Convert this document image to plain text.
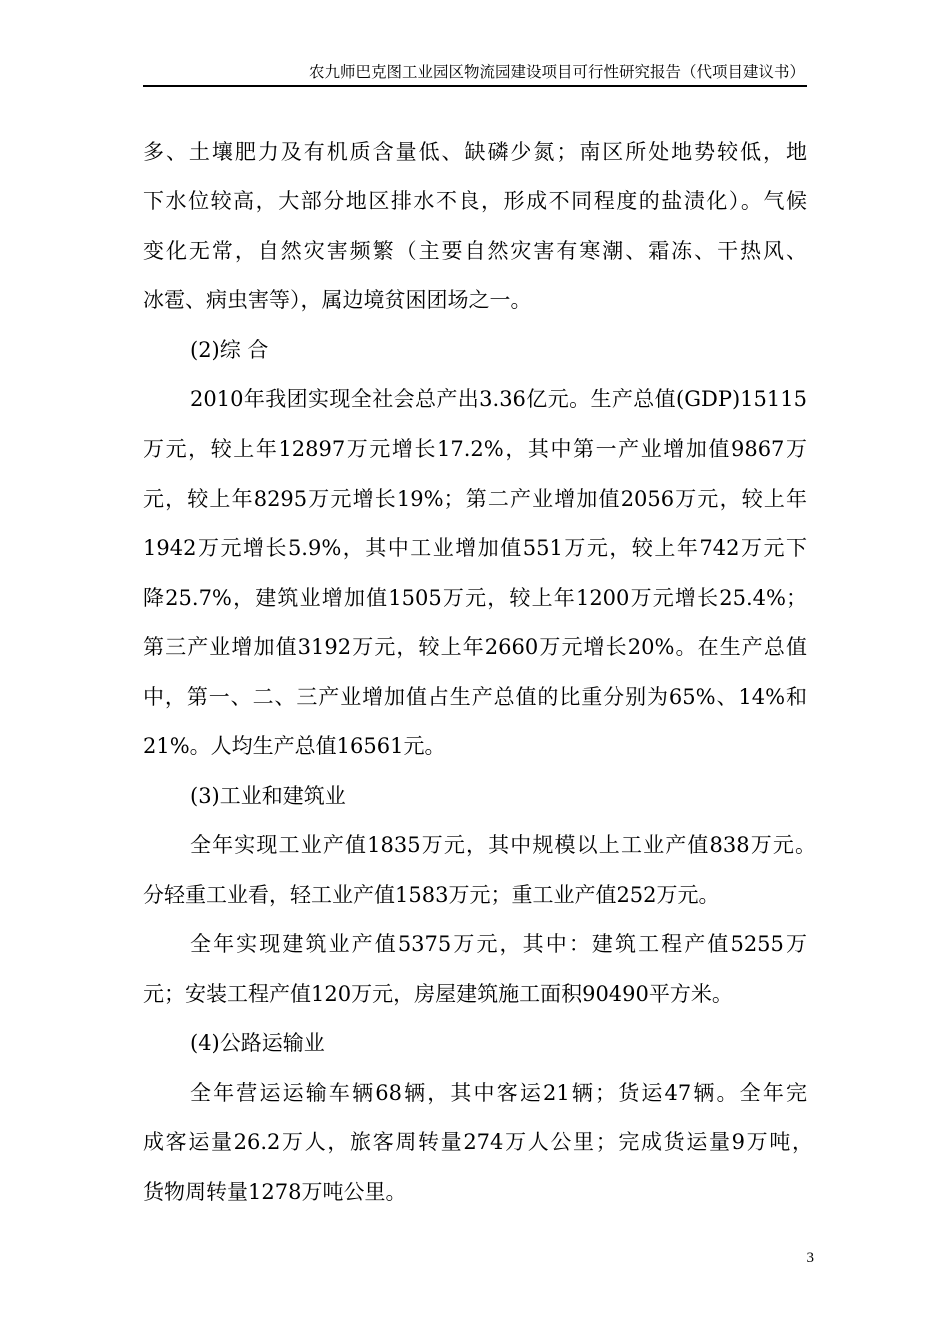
农九师巴克图工业园区物流园建设项目可行性研究报告（代项目建议书）
多、土壤肥力及有机质含量低、缺磷少氮；南区所处地势较低，地
下水位较高，大部分地区排水不良，形成不同程度的盐渍化）。气候
变化无常，自然灾害频繁（主要自然灾害有寒潮、霜冻、干热风、
冰雹、病虫害等），属边境贫困团场之一。
(2)综 合
2010年我团实现全社会总产出3.36亿元。生产总值(GDP)15115
万元，较上年12897万元增长17.2%，其中第一产业增加值9867万
元，较上年8295万元增长19%；第二产业增加值2056万元，较上年
1942万元增长5.9%，其中工业增加值551万元，较上年742万元下
降25.7%，建筑业增加值1505万元，较上年1200万元增长25.4%；
第三产业增加值3192万元，较上年2660万元增长20%。在生产总值
中，第一、二、三产业增加值占生产总值的比重分别为65%、14%和
21%。人均生产总值16561元。
(3)工业和建筑业
全年实现工业产值1835万元，其中规模以上工业产值838万元。
分轻重工业看，轻工业产值1583万元；重工业产值252万元。
全年实现建筑业产值5375万元，其中：建筑工程产值5255万
元；安装工程产值120万元，房屋建筑施工面积90490平方米。
(4)公路运输业
全年营运运输车辆68辆，其中客运21辆；货运47辆。全年完
成客运量26.2万人，旅客周转量274万人公里；完成货运量9万吨，
货物周转量1278万吨公里。
3
